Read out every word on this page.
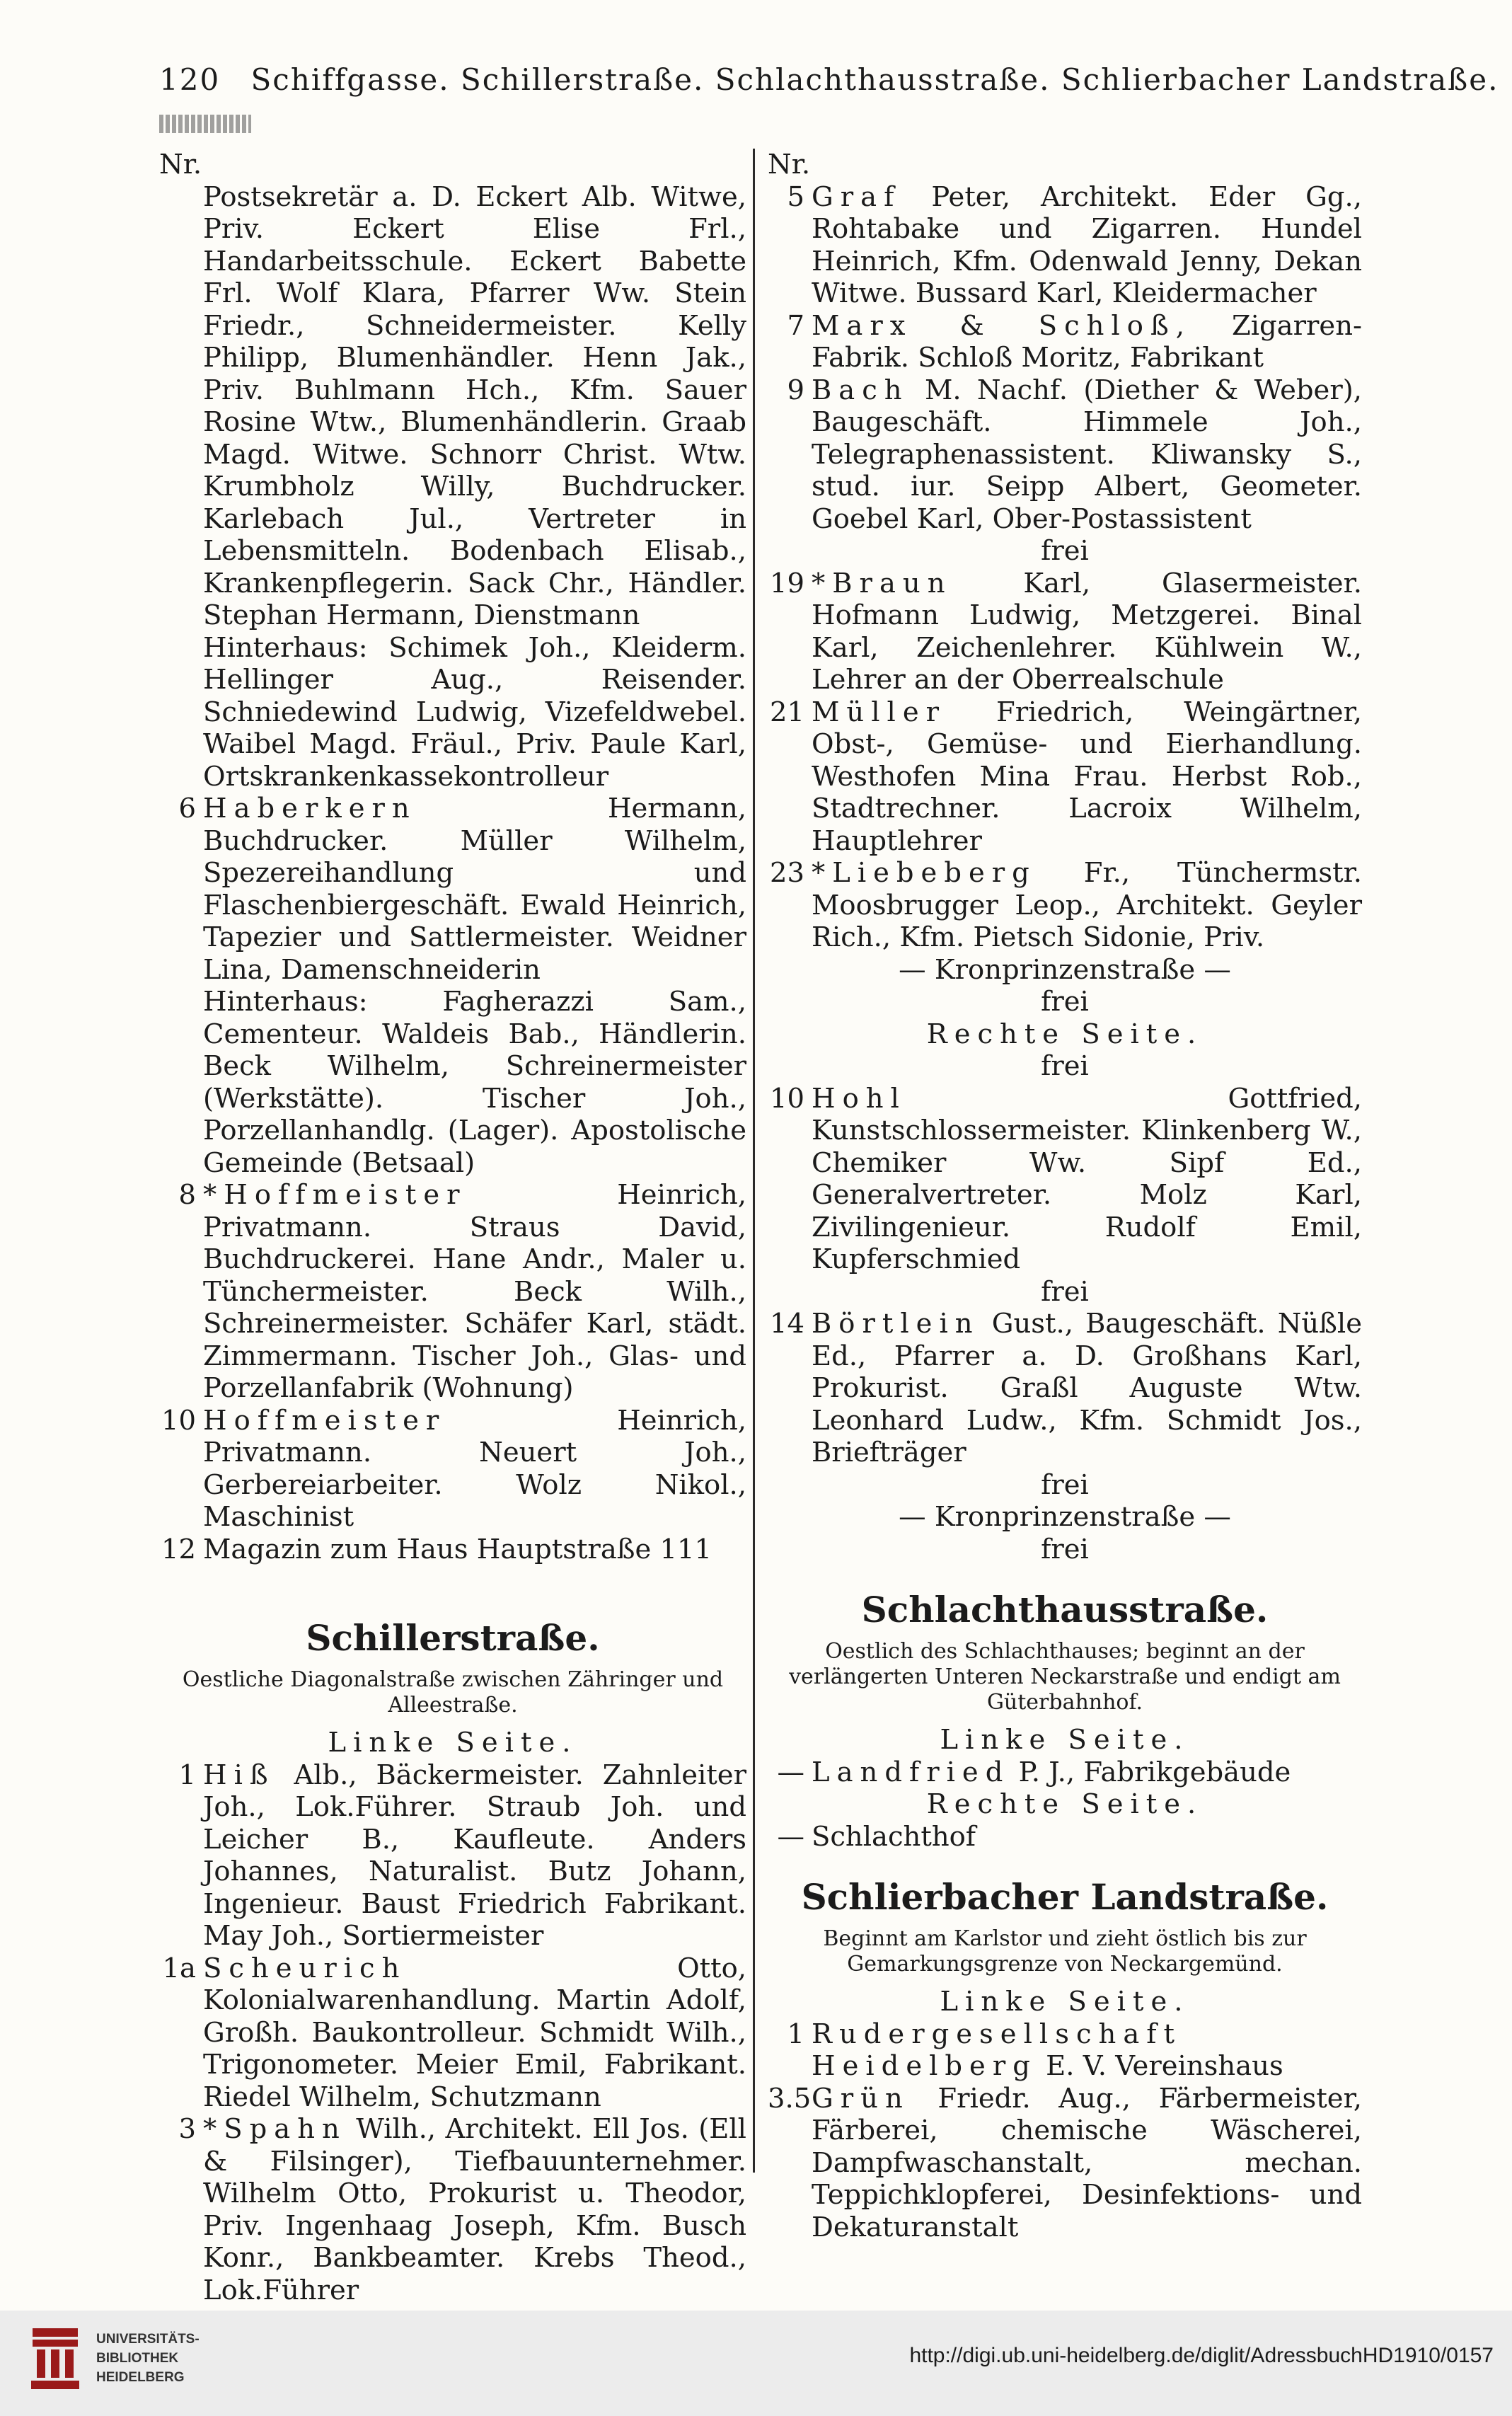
120 Schiffgasse. Schillerstraße. Schlachthausstraße. Schlierbacher Landstraße.
Nr.
Postsekretär a. D. Eckert Alb. Witwe, Priv. Eckert Elise Frl., Handarbeitsschule. Eckert Babette Frl. Wolf Klara, Pfarrer Ww. Stein Friedr., Schneidermeister. Kelly Philipp, Blumenhändler. Henn Jak., Priv. Buhlmann Hch., Kfm. Sauer Rosine Wtw., Blumenhändlerin. Graab Magd. Witwe. Schnorr Christ. Wtw. Krumbholz Willy, Buchdrucker. Karlebach Jul., Vertreter in Lebensmitteln. Bodenbach Elisab., Krankenpflegerin. Sack Chr., Händler. Stephan Hermann, Dienstmann
Hinterhaus: Schimek Joh., Kleiderm. Hellinger Aug., Reisender. Schniedewind Ludwig, Vizefeldwebel. Waibel Magd. Fräul., Priv. Paule Karl, Ortskrankenkassekontrolleur
6 Haberkern	Hermann, Buchdrucker. Müller Wilhelm, Spezereihandlung und Flaschenbiergeschäft. Ewald Heinrich, Tapezier und Sattlermeister. Weidner Lina, Damenschneiderin
Hinterhaus: Fagherazzi Sam., Cementeur. Waldeis Bab., Händlerin. Beck Wilhelm, Schreinermeister (Werkstätte). Tischer Joh., Porzellanhandlg. (Lager). Apostolische Gemeinde (Betsaal)
8 *Hoffmeister	Heinrich, Privatmann. Straus David, Buchdruckerei. Hane Andr., Maler u. Tünchermeister. Beck Wilh., Schreinermeister. Schäfer Karl, städt. Zimmermann. Tischer Joh., Glas- und Porzellanfabrik (Wohnung)
10 Hoffmeister	Heinrich, Privatmann. Neuert Joh., Gerbereiarbeiter. Wolz Nikol., Maschinist
12 Magazin zum Haus Hauptstraße 111
Schillerstraße.
Oestliche Diagonalstraße zwischen Zähringer und Alleestraße.
Linke Seite.
1 Hiß Alb., Bäckermeister. Zahnleiter Joh., Lok.Führer. Straub Joh. und Leicher B., Kaufleute. Anders Johannes, Naturalist. Butz Johann, Ingenieur. Baust Friedrich Fabrikant. May Joh., Sortiermeister
1a Scheurich	Otto, Kolonialwarenhandlung. Martin Adolf, Großh. Baukontrolleur. Schmidt Wilh., Trigonometer. Meier Emil, Fabrikant. Riedel Wilhelm, Schutzmann
3 *Spahn Wilh., Architekt. Ell Jos. (Ell & Filsinger), Tiefbauunternehmer. Wilhelm Otto, Prokurist u. Theodor, Priv. Ingenhaag Joseph, Kfm. Busch Konr., Bankbeamter. Krebs Theod., Lok.Führer
Nr.
5 Graf Peter, Architekt. Eder Gg., Rohtabake und Zigarren. Hundel Heinrich, Kfm. Odenwald Jenny, Dekan Witwe. Bussard Karl, Kleidermacher
7 Marx & Schloß, Zigarren-Fabrik. Schloß Moritz, Fabrikant
9 Bach M. Nachf. (Diether & Weber), Baugeschäft. Himmele Joh., Telegraphenassistent. Kliwansky S., stud. iur. Seipp Albert, Geometer. Goebel Karl, Ober-Postassistent
frei
19 *Braun	Karl, Glasermeister. Hofmann Ludwig, Metzgerei. Binal Karl, Zeichenlehrer. Kühlwein W., Lehrer an der Oberrealschule
21 Müller Friedrich, Weingärtner, Obst-, Gemüse- und Eierhandlung. Westhofen Mina Frau. Herbst Rob., Stadtrechner. Lacroix Wilhelm, Hauptlehrer
23 *Liebeberg Fr., Tünchermstr. Moosbrugger Leop., Architekt. Geyler Rich., Kfm. Pietsch Sidonie, Priv.
— Kronprinzenstraße —
frei
Rechte Seite.
frei
10 Hohl	Gottfried, Kunstschlossermeister. Klinkenberg W., Chemiker Ww. Sipf Ed., Generalvertreter. Molz Karl, Zivilingenieur. Rudolf Emil, Kupferschmied
frei
14 Börtlein Gust., Baugeschäft. Nüßle Ed., Pfarrer a. D. Großhans Karl, Prokurist. Graßl Auguste Wtw. Leonhard Ludw., Kfm. Schmidt Jos., Briefträger
frei
— Kronprinzenstraße —
frei
Schlachthausstraße.
Oestlich des Schlachthauses; beginnt an der verlängerten Unteren Neckarstraße und endigt am Güterbahnhof.
Linke Seite.
— Landfried P. J., Fabrikgebäude
Rechte Seite.
— Schlachthof
Schlierbacher Landstraße.
Beginnt am Karlstor und zieht östlich bis zur Gemarkungsgrenze von Neckargemünd.
Linke Seite.
1 Rudergesellschaft Heidelberg E. V. Vereinshaus
3.5 Grün Friedr. Aug., Färbermeister, Färberei, chemische Wäscherei, Dampfwaschanstalt, mechan. Teppichklopferei, Desinfektions- und Dekaturanstalt
UNIVERSITÄTS-
BIBLIOTHEK
HEIDELBERG
http://digi.ub.uni-heidelberg.de/diglit/AdressbuchHD1910/0157
